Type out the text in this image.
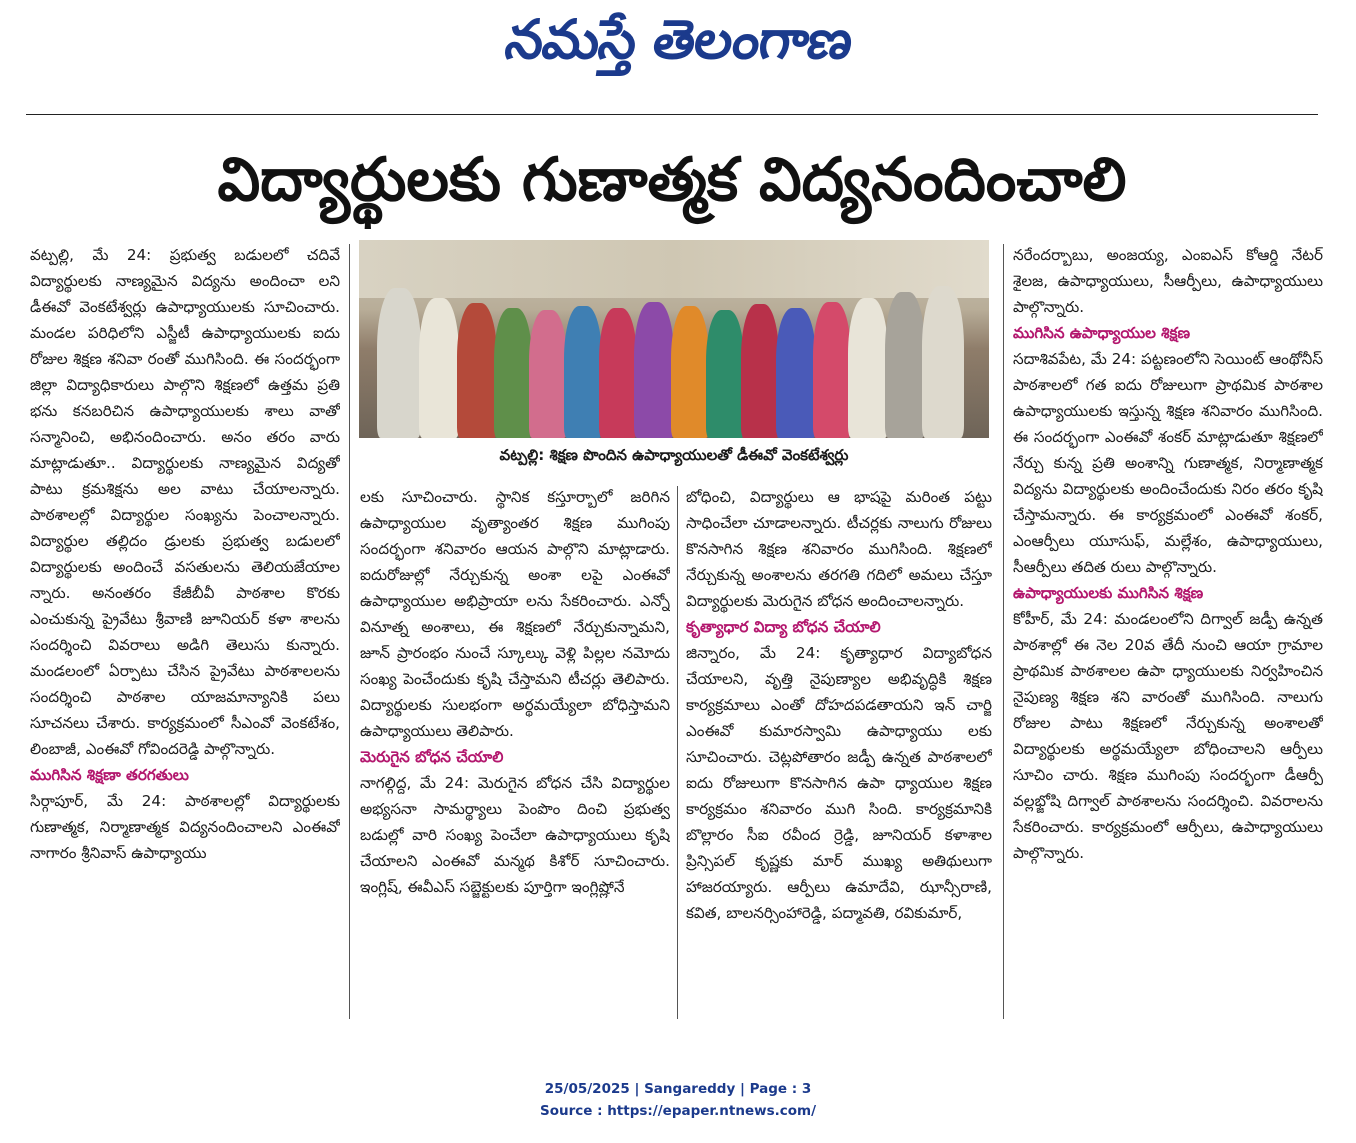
నమస్తే తెలంగాణ
విద్యార్థులకు గుణాత్మక విద్యనందించాలి

వట్పల్లి, మే 24: ప్రభుత్వ బడులలో చదివే విద్యార్థులకు నాణ్యమైన విద్యను అందించా లని డీఈవో వెంకటేశ్వర్లు ఉపాధ్యాయులకు సూచించారు. మండల పరిధిలోని ఎస్జీటీ ఉపాధ్యాయులకు ఐదు రోజుల శిక్షణ శనివా రంతో ముగిసింది. ఈ సందర్భంగా జిల్లా విద్యాధికారులు పాల్గొని శిక్షణలో ఉత్తమ ప్రతి భను కనబరిచిన ఉపాధ్యాయులకు శాలు వాతో సన్మానించి, అభినందించారు. అనం తరం వారు మాట్లాడుతూ.. విద్యార్థులకు నాణ్యమైన విద్యతో పాటు క్రమశిక్షను అల వాటు చేయాలన్నారు. పాఠశాలల్లో విద్యార్థుల సంఖ్యను పెంచాలన్నారు. విద్యార్థుల తల్లిదం డ్రులకు ప్రభుత్వ బడులలో విద్యార్థులకు అందించే వసతులను తెలియజేయాల న్నారు. అనంతరం కేజీబీవీ పాఠశాల కొరకు ఎంచుకున్న ప్రైవేటు శ్రీవాణి జూనియర్ కళా శాలను సందర్శించి వివరాలు అడిగి తెలుసు కున్నారు. మండలంలో ఏర్పాటు చేసిన ప్రైవేటు పాఠశాలలను సందర్శించి పాఠశాల యాజమాన్యానికి పలు సూచనలు చేశారు. కార్యక్రమంలో సీఎంవో వెంకటేశం, లింబాజీ, ఎంఈవో గోవిందరెడ్డి పాల్గొన్నారు.

ముగిసిన శిక్షణా తరగతులు

సిర్గాపూర్, మే 24: పాఠశాలల్లో విద్యార్థులకు గుణాత్మక, నిర్మాణాత్మక విద్యనందించాలని ఎంఈవో నాగారం శ్రీనివాస్ ఉపాధ్యాయు

వట్పల్లి: శిక్షణ పొందిన ఉపాధ్యాయులతో డీఈవో వెంకటేశ్వర్లు

లకు సూచించారు. స్థానిక కస్తూర్బాలో జరిగిన ఉపాధ్యాయుల వృత్యాంతర శిక్షణ ముగింపు సందర్భంగా శనివారం ఆయన పాల్గొని మాట్లాడారు. ఐదురోజుల్లో నేర్చుకున్న అంశా లపై ఎంఈవో ఉపాధ్యాయుల అభిప్రాయా లను సేకరించారు. ఎన్నో వినూత్న అంశాలు, ఈ శిక్షణలో నేర్చుకున్నామని, జూన్ ప్రారంభం నుంచే స్కూల్కు వెళ్లి పిల్లల నమోదు సంఖ్య పెంచేందుకు కృషి చేస్తామని టీచర్లు తెలిపారు. విద్యార్థులకు సులభంగా అర్థమయ్యేలా బోధిస్తామని ఉపాధ్యాయులు తెలిపారు.

మెరుగైన బోధన చేయాలి

నాగల్గిద్ద, మే 24: మెరుగైన బోధన చేసి విద్యార్థుల అభ్యసనా సామర్థ్యాలు పెంపొం దించి ప్రభుత్వ బడుల్లో వారి సంఖ్య పెంచేలా ఉపాధ్యాయులు కృషి చేయాలని ఎంఈవో మన్మథ కిశోర్ సూచించారు. ఇంగ్లిష్, ఈవీఎస్ సబ్జెక్టులకు పూర్తిగా ఇంగ్లిష్లోనే

బోధించి, విద్యార్థులు ఆ భాషపై మరింత పట్టు సాధించేలా చూడాలన్నారు. టీచర్లకు నాలుగు రోజులు కొనసాగిన శిక్షణ శనివారం ముగిసింది. శిక్షణలో నేర్చుకున్న అంశాలను తరగతి గదిలో అమలు చేస్తూ విద్యార్థులకు మెరుగైన బోధన అందించాలన్నారు.

కృత్యాధార విద్యా బోధన చేయాలి

జిన్నారం, మే 24: కృత్యాధార విద్యాబోధన చేయాలని, వృత్తి నైపుణ్యాల అభివృద్ధికి శిక్షణ కార్యక్రమాలు ఎంతో దోహదపడతాయని ఇన్ చార్జి ఎంఈవో కుమారస్వామి ఉపాధ్యాయు లకు సూచించారు. చెట్లపోతారం జడ్పీ ఉన్నత పాఠశాలలో ఐదు రోజులుగా కొనసాగిన ఉపా ధ్యాయుల శిక్షణ కార్యక్రమం శనివారం ముగి సింది. కార్యక్రమానికి బొల్లారం సీఐ రవీంద ర్రెడ్డి, జూనియర్ కళాశాల ప్రిన్సిపల్ కృష్ణకు మార్ ముఖ్య అతిథులుగా హాజరయ్యారు. ఆర్పీలు ఉమాదేవి, ఝాన్సీరాణి, కవిత, బాలనర్సింహారెడ్డి, పద్మావతి, రవికుమార్,

నరేందర్బాబు, అంజయ్య, ఎంఐఎస్ కోఆర్డి నేటర్ శైలజ, ఉపాధ్యాయులు, సీఆర్పీలు, ఉపాధ్యాయులు పాల్గొన్నారు.

ముగిసిన ఉపాధ్యాయుల శిక్షణ

సదాశివపేట, మే 24: పట్టణంలోని సెయింట్ ఆంథోనీస్ పాఠశాలలో గత ఐదు రోజులుగా ప్రాథమిక పాఠశాల ఉపాధ్యాయులకు ఇస్తున్న శిక్షణ శనివారం ముగిసింది. ఈ సందర్భంగా ఎంఈవో శంకర్ మాట్లాడుతూ శిక్షణలో నేర్చు కున్న ప్రతి అంశాన్ని గుణాత్మక, నిర్మాణాత్మక విద్యను విద్యార్థులకు అందించేందుకు నిరం తరం కృషి చేస్తామన్నారు. ఈ కార్యక్రమంలో ఎంఈవో శంకర్, ఎంఆర్పీలు యూసుఫ్, మల్లేశం, ఉపాధ్యాయులు, సీఆర్పీలు తదిత రులు పాల్గొన్నారు.

ఉపాధ్యాయులకు ముగిసిన శిక్షణ

కోహీర్, మే 24: మండలంలోని దిగ్వాల్ జడ్పీ ఉన్నత పాఠశాల్లో ఈ నెల 20వ తేదీ నుంచి ఆయా గ్రామాల ప్రాథమిక పాఠశాలల ఉపా ధ్యాయులకు నిర్వహించిన నైపుణ్య శిక్షణ శని వారంతో ముగిసింది. నాలుగు రోజుల పాటు శిక్షణలో నేర్చుకున్న అంశాలతో విద్యార్థులకు అర్థమయ్యేలా బోధించాలని ఆర్పీలు సూచిం చారు. శిక్షణ ముగింపు సందర్భంగా డీఆర్పీ వల్లభ్జోషి దిగ్వాల్ పాఠశాలను సందర్శించి. వివరాలను సేకరించారు. కార్యక్రమంలో ఆర్పీలు, ఉపాధ్యాయులు పాల్గొన్నారు.

25/05/2025 | Sangareddy | Page : 3
Source : https://epaper.ntnews.com/
